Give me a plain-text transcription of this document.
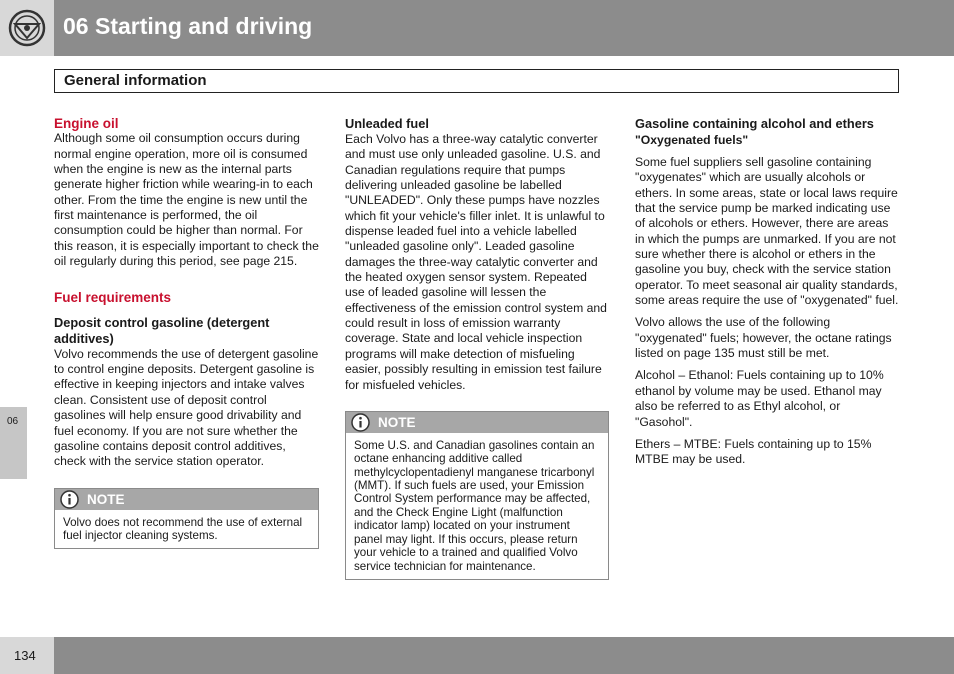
06 Starting and driving
General information
06

Engine oil

Although some oil consumption occurs during normal engine operation, more oil is consumed when the engine is new as the internal parts generate higher friction while wearing-in to each other. From the time the engine is new until the first maintenance is performed, the oil consumption could be higher than normal. For this reason, it is especially important to check the oil regularly during this period, see page 215.

Fuel requirements

Deposit control gasoline (detergent additives)

Volvo recommends the use of detergent gasoline to control engine deposits. Detergent gasoline is effective in keeping injectors and intake valves clean. Consistent use of deposit control gasolines will help ensure good drivability and fuel economy. If you are not sure whether the gasoline contains deposit control additives, check with the service station operator.

NOTE
Volvo does not recommend the use of external fuel injector cleaning systems.

Unleaded fuel

Each Volvo has a three-way catalytic converter and must use only unleaded gasoline. U.S. and Canadian regulations require that pumps delivering unleaded gasoline be labelled "UNLEADED". Only these pumps have nozzles which fit your vehicle's filler inlet. It is unlawful to dispense leaded fuel into a vehicle labelled "unleaded gasoline only". Leaded gasoline damages the three-way catalytic converter and the heated oxygen sensor system. Repeated use of leaded gasoline will lessen the effectiveness of the emission control system and could result in loss of emission warranty coverage. State and local vehicle inspection programs will make detection of misfueling easier, possibly resulting in emission test failure for misfueled vehicles.

NOTE
Some U.S. and Canadian gasolines contain an octane enhancing additive called methylcyclopentadienyl manganese tricarbonyl (MMT). If such fuels are used, your Emission Control System performance may be affected, and the Check Engine Light (malfunction indicator lamp) located on your instrument panel may light. If this occurs, please return your vehicle to a trained and qualified Volvo service technician for maintenance.

Gasoline containing alcohol and ethers

"Oxygenated fuels"

Some fuel suppliers sell gasoline containing "oxygenates" which are usually alcohols or ethers. In some areas, state or local laws require that the service pump be marked indicating use of alcohols or ethers. However, there are areas in which the pumps are unmarked. If you are not sure whether there is alcohol or ethers in the gasoline you buy, check with the service station operator. To meet seasonal air quality standards, some areas require the use of "oxygenated" fuel.

Volvo allows the use of the following "oxygenated" fuels; however, the octane ratings listed on page 135 must still be met.

Alcohol – Ethanol: Fuels containing up to 10% ethanol by volume may be used. Ethanol may also be referred to as Ethyl alcohol, or "Gasohol".

Ethers – MTBE: Fuels containing up to 15% MTBE may be used.

134
